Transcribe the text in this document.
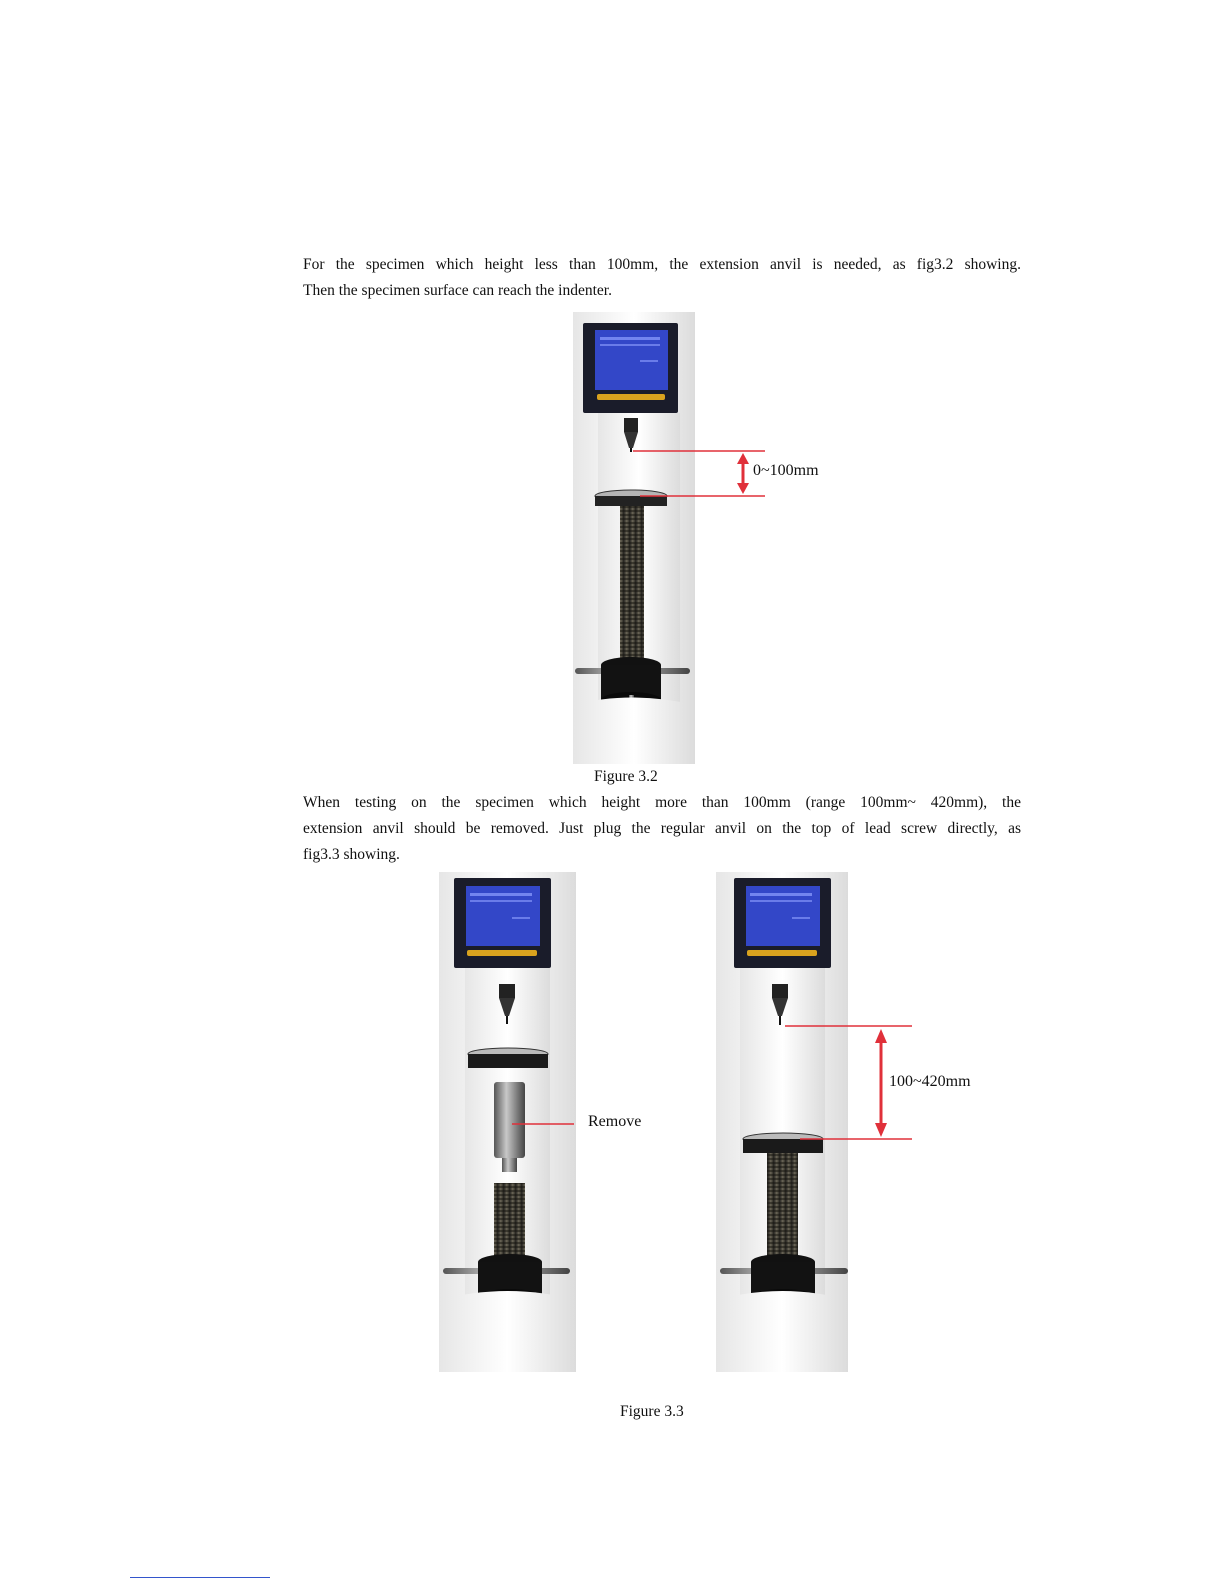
For the specimen which height less than 100mm, the extension anvil is needed, as fig3.2 showing.
Then the specimen surface can reach the indenter.
0~100mm
Figure 3.2
When testing on the specimen which height more than 100mm (range 100mm~ 420mm), the
extension anvil should be removed. Just plug the regular anvil on the top of lead screw directly, as
fig3.3 showing.
Remove
100~420mm
Figure 3.3
